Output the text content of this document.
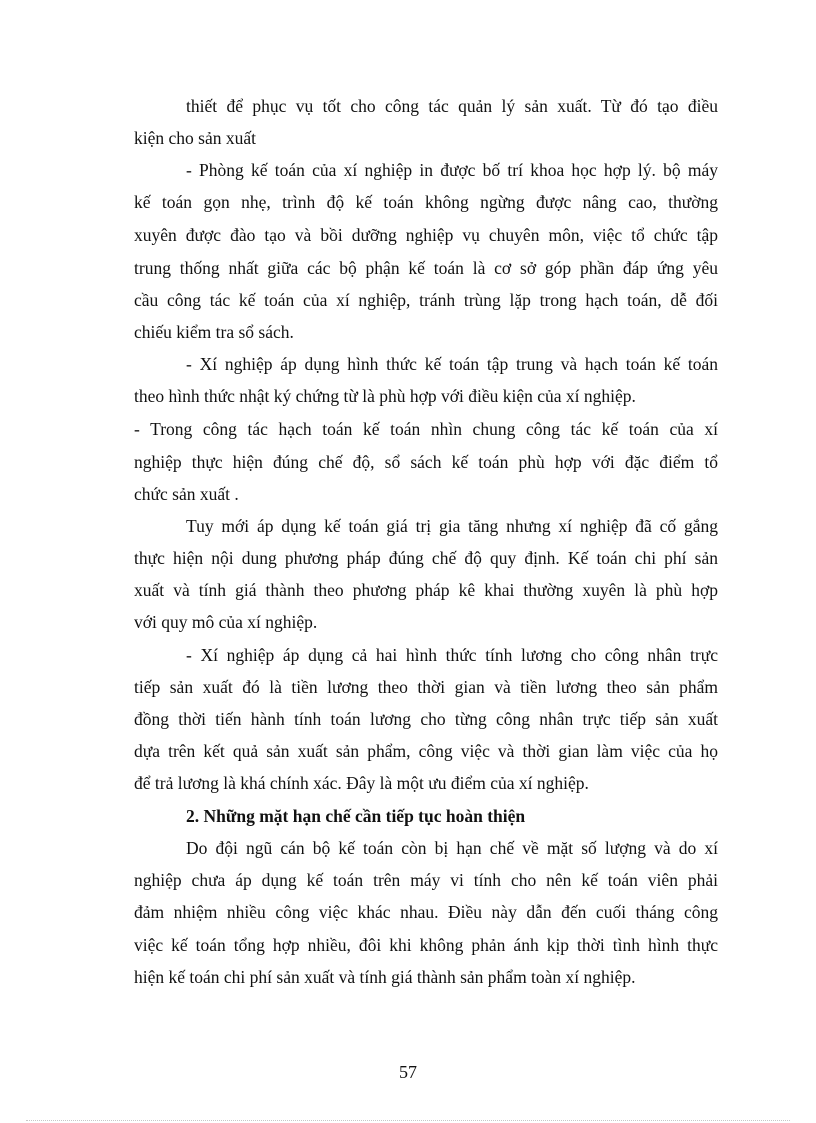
thiết để phục vụ tốt cho công tác quản lý sản xuất. Từ đó tạo điều
kiện cho sản xuất
- Phòng kế toán của xí nghiệp in được bố trí khoa học hợp lý. bộ máy
kế toán gọn nhẹ, trình độ kế toán không ngừng được nâng cao, thường
xuyên được đào tạo và bồi dưỡng nghiệp vụ chuyên môn, việc tổ chức tập
trung thống nhất giữa các bộ phận kế toán là cơ sở góp phần đáp ứng yêu
cầu công tác kế toán của xí nghiệp, tránh trùng lặp trong hạch toán, dễ đối
chiếu kiểm tra sổ sách.
- Xí nghiệp áp dụng hình thức kế toán tập trung và hạch toán kế toán
theo hình thức nhật ký chứng từ là phù hợp với điều kiện của xí nghiệp.
- Trong công tác hạch toán kế toán nhìn chung công tác kế toán của xí
nghiệp thực hiện đúng chế độ, sổ sách kế toán phù hợp với đặc điểm tổ
chức sản xuất .
Tuy mới áp dụng kế toán giá trị gia tăng nhưng xí nghiệp đã cố gắng
thực hiện nội dung phương pháp đúng chế độ quy định. Kế toán chi phí sản
xuất và tính giá thành theo phương pháp kê khai thường xuyên là phù hợp
với quy mô của xí nghiệp.
- Xí nghiệp áp dụng cả hai hình thức tính lương cho công nhân trực
tiếp sản xuất đó là tiền lương theo thời gian và tiền lương theo sản phẩm
đồng thời tiến hành tính toán lương cho từng công nhân trực tiếp sản xuất
dựa trên kết quả sản xuất sản phẩm, công việc và thời gian làm việc của họ
để trả lương là khá chính xác. Đây là một ưu điểm của xí nghiệp.
2. Những mặt hạn chế cần tiếp tục hoàn thiện
Do đội ngũ cán bộ kế toán còn bị hạn chế về mặt số lượng và do xí
nghiệp chưa áp dụng kế toán trên máy vi tính cho nên kế toán viên phải
đảm nhiệm nhiều công việc khác nhau. Điều này dẫn đến cuối tháng công
việc kế toán tổng hợp nhiều, đôi khi không phản ánh kịp thời tình hình thực
hiện kế toán chi phí sản xuất và tính giá thành sản phẩm toàn xí nghiệp.
57
